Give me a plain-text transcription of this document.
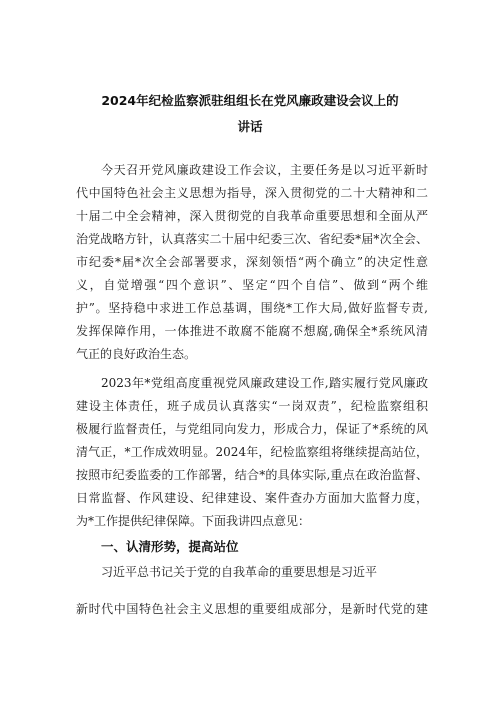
2024年纪检监察派驻组组长在党风廉政建设会议上的
讲话
今天召开党风廉政建设工作会议，主要任务是以习近平新时
代中国特色社会主义思想为指导，深入贯彻党的二十大精神和二
十届二中全会精神，深入贯彻党的自我革命重要思想和全面从严
治党战略方针，认真落实二十届中纪委三次、省纪委*届*次全会、
市纪委*届*次全会部署要求，深刻领悟“两个确立”的决定性意
义，自觉增强“四个意识”、坚定“四个自信”、做到“两个维
护”。坚持稳中求进工作总基调，围绕*工作大局,做好监督专责,
发挥保障作用，一体推进不敢腐不能腐不想腐,确保全*系统风清
气正的良好政治生态。
2023年*党组高度重视党风廉政建设工作,踏实履行党风廉政
建设主体责任，班子成员认真落实“一岗双责”，纪检监察组积
极履行监督责任，与党组同向发力，形成合力，保证了*系统的风
清气正，*工作成效明显。2024年，纪检监察组将继续提高站位，
按照市纪委监委的工作部署，结合*的具体实际,重点在政治监督、
日常监督、作风建设、纪律建设、案件查办方面加大监督力度，
为*工作提供纪律保障。下面我讲四点意见：
一、认清形势，提高站位
习近平总书记关于党的自我革命的重要思想是习近平
新时代中国特色社会主义思想的重要组成部分，是新时代党的建
